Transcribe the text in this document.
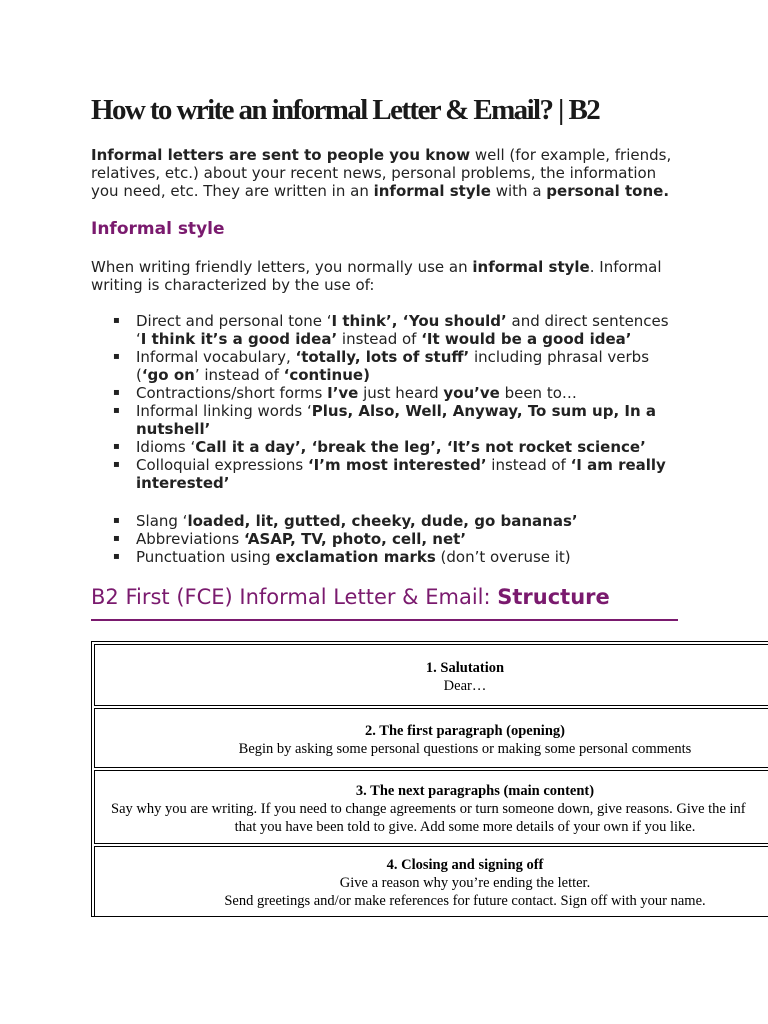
How to write an informal Letter & Email? | B2

Informal letters are sent to people you know well (for example, friends, relatives, etc.) about your recent news, personal problems, the information you need, etc. They are written in an informal style with a personal tone.

Informal style

When writing friendly letters, you normally use an informal style. Informal writing is characterized by the use of:

▪ Direct and personal tone ‘I think’, ‘You should’ and direct sentences ‘I think it’s a good idea’ instead of ‘It would be a good idea’
▪ Informal vocabulary, ‘totally, lots of stuff’ including phrasal verbs (‘go on’ instead of ‘continue)
▪ Contractions/short forms I’ve just heard you’ve been to…
▪ Informal linking words ‘Plus, Also, Well, Anyway, To sum up, In a nutshell’
▪ Idioms ‘Call it a day’, ‘break the leg’, ‘It’s not rocket science’
▪ Colloquial expressions ‘I’m most interested’ instead of ‘I am really interested’
▪ Slang ‘loaded, lit, gutted, cheeky, dude, go bananas’
▪ Abbreviations ‘ASAP, TV, photo, cell, net’
▪ Punctuation using exclamation marks (don’t overuse it)
B2 First (FCE) Informal Letter & Email: Structure
1. Salutation
Dear…
2. The first paragraph (opening)
Begin by asking some personal questions or making some personal comments
3. The next paragraphs (main content)
Say why you are writing. If you need to change agreements or turn someone down, give reasons. Give the inf
that you have been told to give. Add some more details of your own if you like.
4. Closing and signing off
Give a reason why you’re ending the letter.
Send greetings and/or make references for future contact. Sign off with your name.
